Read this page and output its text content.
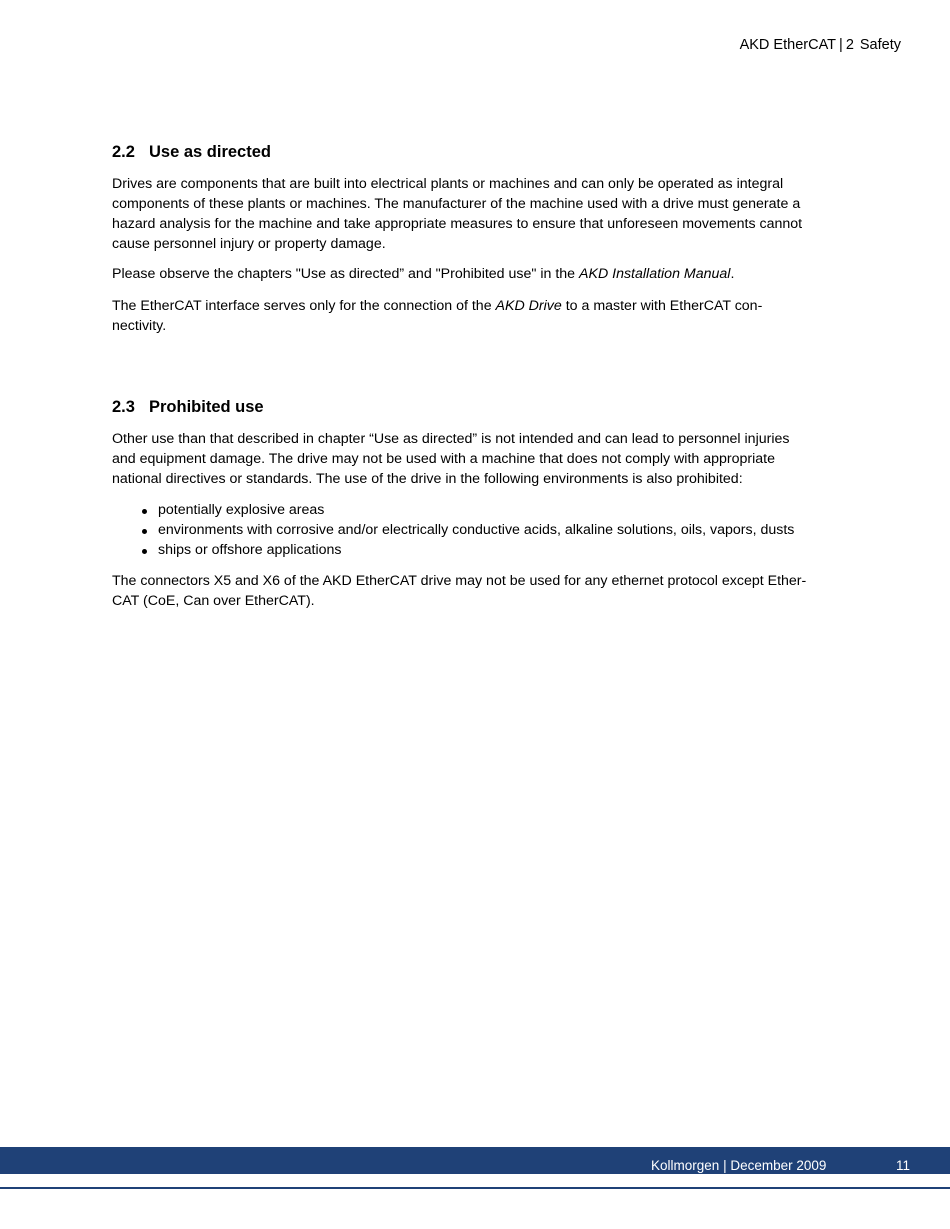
AKD EtherCAT | 2 Safety
2.2 Use as directed

Drives are components that are built into electrical plants or machines and can only be operated as integral
components of these plants or machines. The manufacturer of the machine used with a drive must generate a
hazard analysis for the machine and take appropriate measures to ensure that unforeseen movements cannot
cause personnel injury or property damage.

Please observe the chapters "Use as directed” and "Prohibited use" in the AKD Installation Manual.

The EtherCAT interface serves only for the connection of the AKD Drive to a master with EtherCAT con-
nectivity.

2.3 Prohibited use

Other use than that described in chapter “Use as directed” is not intended and can lead to personnel injuries
and equipment damage. The drive may not be used with a machine that does not comply with appropriate
national directives or standards. The use of the drive in the following environments is also prohibited:

potentially explosive areas
environments with corrosive and/or electrically conductive acids, alkaline solutions, oils, vapors, dusts
ships or offshore applications

The connectors X5 and X6 of the AKD EtherCAT drive may not be used for any ethernet protocol except Ether-
CAT (CoE, Can over EtherCAT).

Kollmorgen | December 2009	11
